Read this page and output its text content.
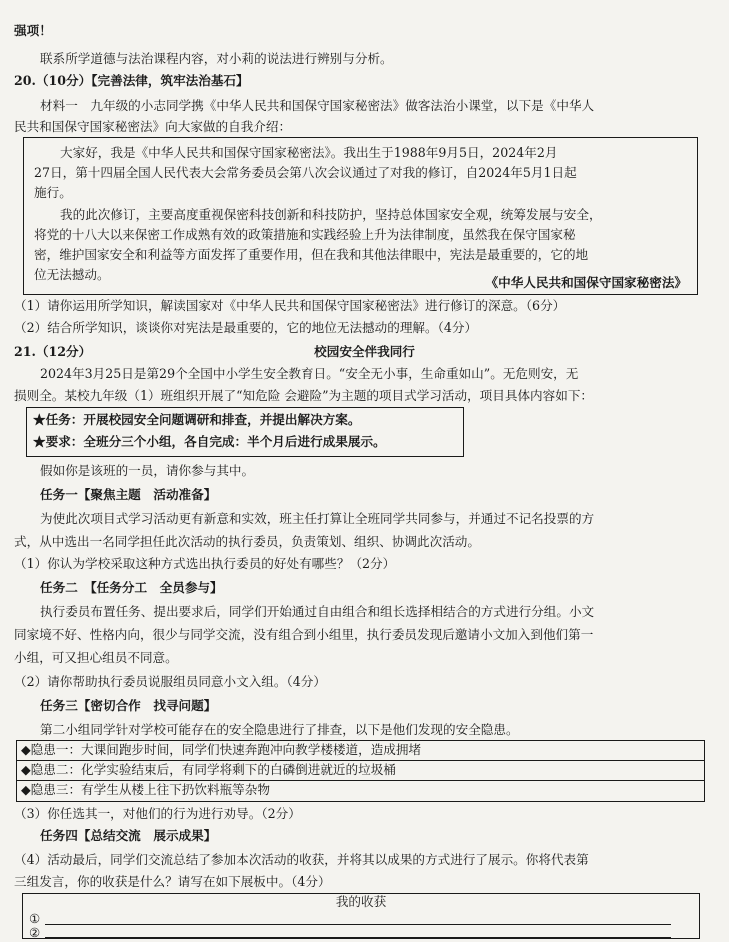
强项！
联系所学道德与法治课程内容，对小莉的说法进行辨别与分析。
20.（10分）【完善法律，筑牢法治基石】
材料一　九年级的小志同学携《中华人民共和国保守国家秘密法》做客法治小课堂，以下是《中华人
民共和国保守国家秘密法》向大家做的自我介绍：
大家好，我是《中华人民共和国保守国家秘密法》。我出生于1988年9月5日，2024年2月
27日，第十四届全国人民代表大会常务委员会第八次会议通过了对我的修订，自2024年5月1日起
施行。
我的此次修订，主要高度重视保密科技创新和科技防护，坚持总体国家安全观，统筹发展与安全，
将党的十八大以来保密工作成熟有效的政策措施和实践经验上升为法律制度，虽然我在保守国家秘
密，维护国家安全和利益等方面发挥了重要作用，但在我和其他法律眼中，宪法是最重要的，它的地
位无法撼动。
《中华人民共和国保守国家秘密法》
（1）请你运用所学知识，解读国家对《中华人民共和国保守国家秘密法》进行修订的深意。（6分）
（2）结合所学知识，谈谈你对宪法是最重要的，它的地位无法撼动的理解。（4分）
21.（12分）	校园安全伴我同行
2024年3月25日是第29个全国中小学生安全教育日。“安全无小事，生命重如山”。无危则安，无
损则全。某校九年级（1）班组织开展了“知危险 会避险”为主题的项目式学习活动，项目具体内容如下：
★任务：开展校园安全问题调研和排查，并提出解决方案。
★要求：全班分三个小组，各自完成：半个月后进行成果展示。
假如你是该班的一员，请你参与其中。
任务一【聚焦主题　活动准备】
为使此次项目式学习活动更有新意和实效，班主任打算让全班同学共同参与，并通过不记名投票的方
式，从中选出一名同学担任此次活动的执行委员，负责策划、组织、协调此次活动。
（1）你认为学校采取这种方式选出执行委员的好处有哪些？（2分）
任务二　【任务分工　全员参与】
执行委员布置任务、提出要求后，同学们开始通过自由组合和组长选择相结合的方式进行分组。小文
同家境不好、性格内向，很少与同学交流，没有组合到小组里，执行委员发现后邀请小文加入到他们第一
小组，可又担心组员不同意。
（2）请你帮助执行委员说服组员同意小文入组。（4分）
任务三【密切合作　找寻问题】
第二小组同学针对学校可能存在的安全隐患进行了排查，以下是他们发现的安全隐患。
◆隐患一：大课间跑步时间，同学们快速奔跑冲向教学楼楼道，造成拥堵
◆隐患二：化学实验结束后，有同学将剩下的白磷倒进就近的垃圾桶
◆隐患三：有学生从楼上往下扔饮料瓶等杂物
（3）你任选其一，对他们的行为进行劝导。（2分）
任务四【总结交流　展示成果】
（4）活动最后，同学们交流总结了参加本次活动的收获，并将其以成果的方式进行了展示。你将代表第
三组发言，你的收获是什么？请写在如下展板中。（4分）
我的收获
①
②
